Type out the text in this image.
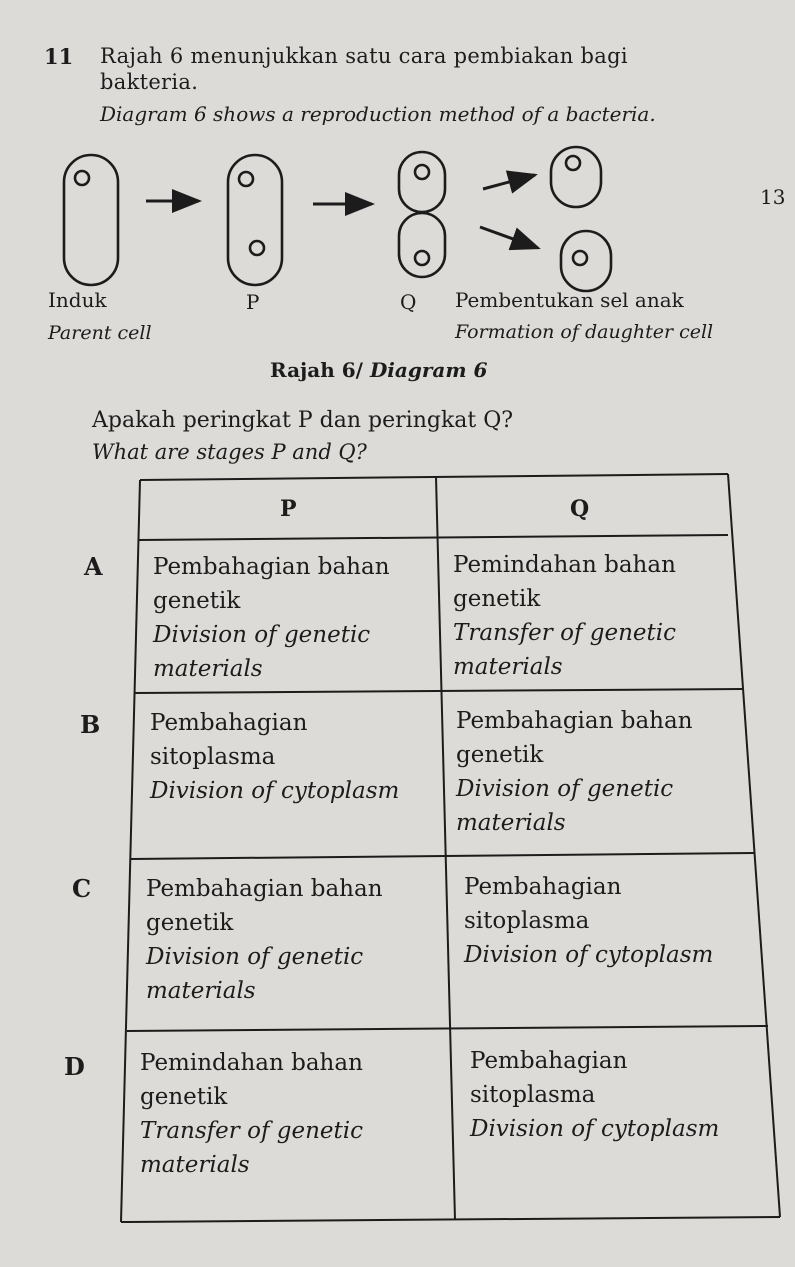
11 Rajah 6 menunjukkan satu cara pembiakan bagi
bakteria.
Diagram 6 shows a reproduction method of a bacteria.
13
Induk
Parent cell
P	Q Pembentukan sel anak
Formation of daughter cell
Rajah 6/ Diagram 6
Apakah peringkat P dan peringkat Q?
What are stages P and Q?
P	Q
A Pembahagian bahan
genetik
Division of genetic
materials
Pemindahan bahan
genetik
Transfer of genetic
materials
B Pembahagian
sitoplasma
Division of cytoplasm
Pembahagian bahan
genetik
Division of genetic
materials
C Pembahagian bahan
genetik
Division of genetic
materials
Pembahagian
sitoplasma
Division of cytoplasm
D Pemindahan bahan
genetik
Transfer of genetic
materials
Pembahagian
sitoplasma
Division of cytoplasm
